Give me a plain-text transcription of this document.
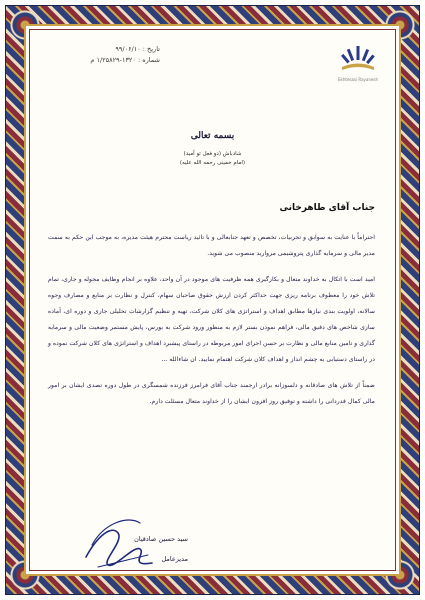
Ekhtesasi Rayanesh
تاریخ : ۹۹/۰۶/۱۰
شماره : ۱۳۲۰-۱/۲۵۸۲۹ م
بسمه تعالی
شادباش (دو فعل تو آمید)
(امام خمینی رحمه الله علیه)
جناب آقای طاهرخانی

احتراماً با عنایت به سوابق و تجربیات، تخصص و تعهد جنابعالی و با تائید ریاست محترم هیئت مدیره، به موجب این حکم به سمت مدیر مالی و سرمایه گذاری پتروشیمی مروارید منصوب می شوید.

امید است با اتکال به خداوند متعال و بکارگیری همه ظرفیت های موجود در آن واحد، علاوه بر انجام وظایف محوله و جاری، تمام تلاش خود را معطوف برنامه ریزی جهت حداکثر کردن ارزش حقوق صاحبان سهام، کنترل و نظارت بر منابع و مصارف وجوه سالانه، اولویت بندی نیازها مطابق اهداف و استراتژی های کلان شرکت، تهیه و تنظیم گزارشات تحلیلی جاری و دوره ای، آماده سازی شاخص های دقیق مالی، فراهم نمودن بستر لازم به منظور ورود شرکت به بورس، پایش مستمر وضعیت مالی و سرمایه گذاری و تامین منابع مالی و نظارت بر حسن اجرای امور مربوطه در راستای پیشبرد اهداف و استراتژی های کلان شرکت نموده و در راستای دستیابی به چشم انداز و اهداف کلان شرکت اهتمام نمایید. ان شاءالله ...

ضمناً از تلاش های صادقانه و دلسوزانه برادر ارجمند جناب آقای فرامرز فرزنده شمسگری در طول دوره تصدی ایشان بر امور مالی کمال قدردانی را داشته و توفیق روز افزون ایشان را از خداوند متعال مسئلت دارم.

سید حسین صادقیان
مدیرعامل
